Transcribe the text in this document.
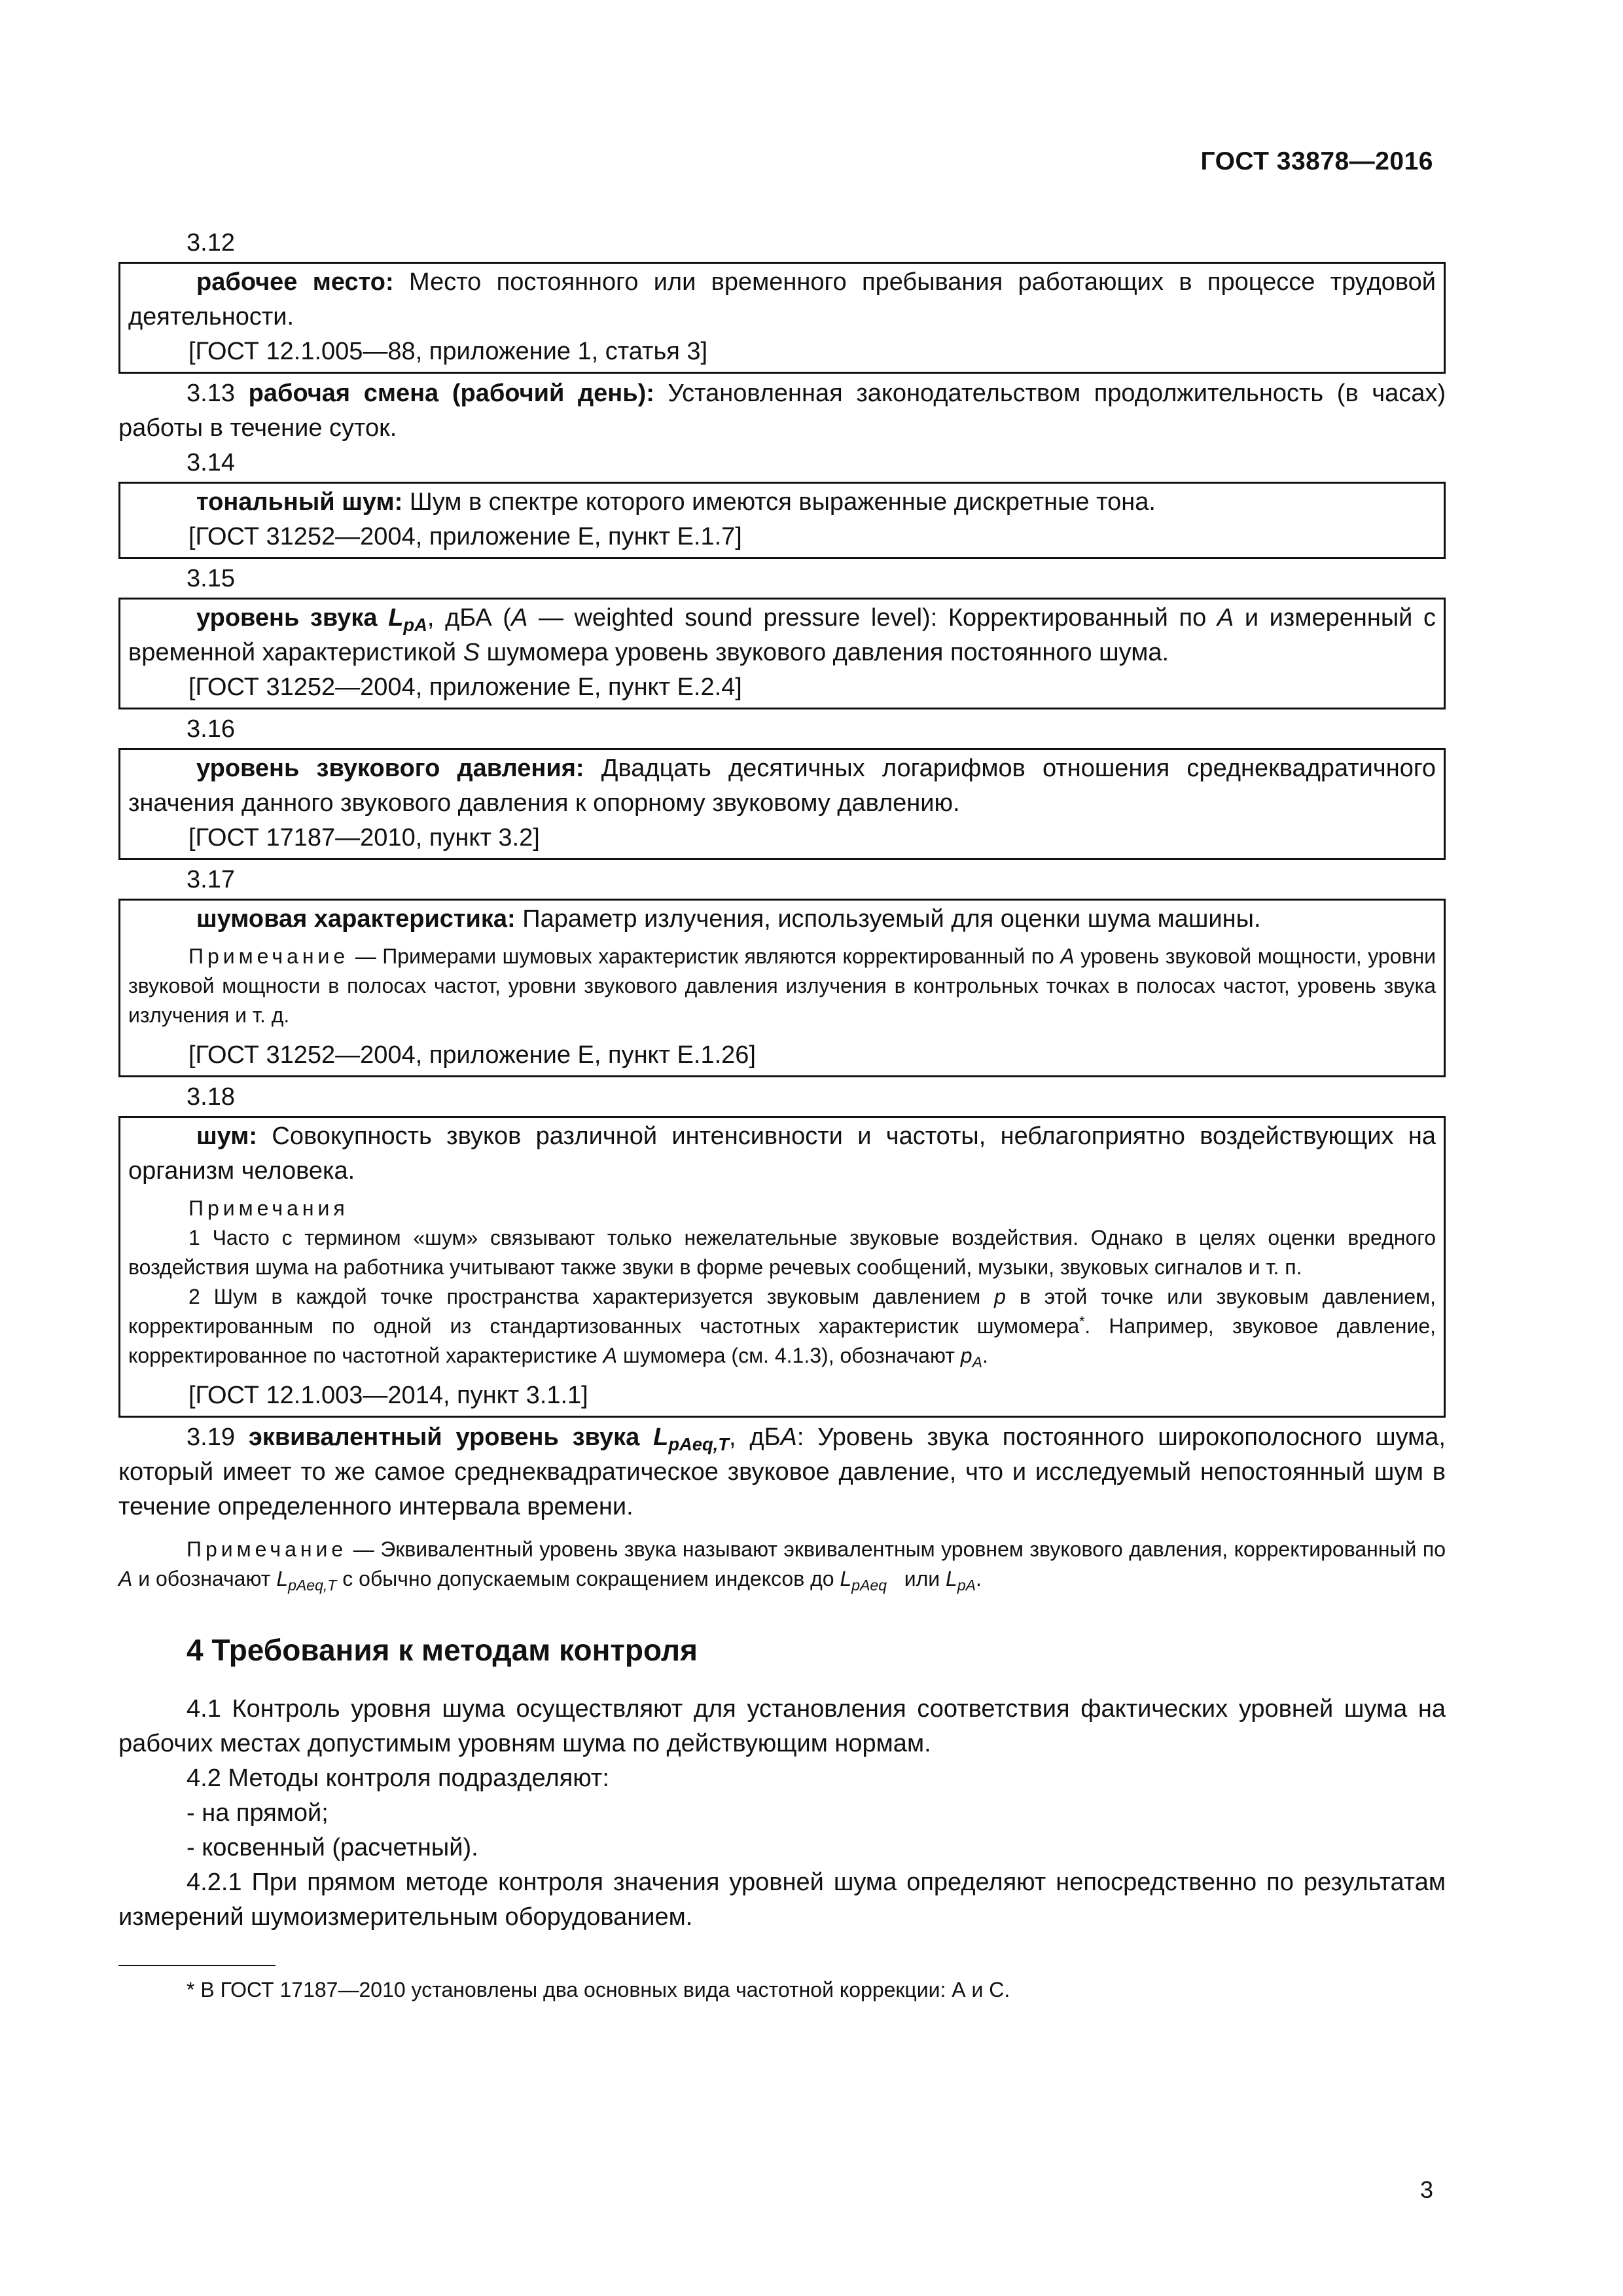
ГОСТ 33878—2016
3.12

рабочее место: Место постоянного или временного пребывания работающих в процессе трудовой деятельности.

[ГОСТ 12.1.005—88, приложение 1, статья 3]

3.13 рабочая смена (рабочий день): Установленная законодательством продолжительность (в часах) работы в течение суток.

3.14

тональный шум: Шум в спектре которого имеются выраженные дискретные тона.

[ГОСТ 31252—2004, приложение Е, пункт Е.1.7]

3.15

уровень звука $L_{pA}$, дБА (A — weighted sound pressure level): Корректированный по A и измеренный с временной характеристикой S шумомера уровень звукового давления постоянного шума.

[ГОСТ 31252—2004, приложение Е, пункт Е.2.4]

3.16

уровень звукового давления: Двадцать десятичных логарифмов отношения среднеквадратичного значения данного звукового давления к опорному звуковому давлению.

[ГОСТ 17187—2010, пункт 3.2]

3.17

шумовая характеристика: Параметр излучения, используемый для оценки шума машины.

Примечание — Примерами шумовых характеристик являются корректированный по A уровень звуковой мощности, уровни звуковой мощности в полосах частот, уровни звукового давления излучения в контрольных точках в полосах частот, уровень звука излучения и т. д.

[ГОСТ 31252—2004, приложение Е, пункт Е.1.26]

3.18

шум: Совокупность звуков различной интенсивности и частоты, неблагоприятно воздействующих на организм человека.

Примечания

1 Часто с термином «шум» связывают только нежелательные звуковые воздействия. Однако в целях оценки вредного воздействия шума на работника учитывают также звуки в форме речевых сообщений, музыки, звуковых сигналов и т. п.

2 Шум в каждой точке пространства характеризуется звуковым давлением p в этой точке или звуковым давлением, корректированным по одной из стандартизованных частотных характеристик шумомера*. Например, звуковое давление, корректированное по частотной характеристике A шумомера (см. 4.1.3), обозначают $p_A$.

[ГОСТ 12.1.003—2014, пункт 3.1.1]

3.19 эквивалентный уровень звука $L_{pAeq,T}$, дБА: Уровень звука постоянного широкополосного шума, который имеет то же самое среднеквадратическое звуковое давление, что и исследуемый непостоянный шум в течение определенного интервала времени.

Примечание — Эквивалентный уровень звука называют эквивалентным уровнем звукового давления, корректированный по A и обозначают $L_{pAeq,T}$ с обычно допускаемым сокращением индексов до $L_{pAeq}$   или $L_{pA}$.

4 Требования к методам контроля

4.1 Контроль уровня шума осуществляют для установления соответствия фактических уровней шума на рабочих местах допустимым уровням шума по действующим нормам.

4.2 Методы контроля подразделяют:

- на прямой;

- косвенный (расчетный).

4.2.1 При прямом методе контроля значения уровней шума определяют непосредственно по результатам измерений шумоизмерительным оборудованием.

* В ГОСТ 17187—2010 установлены два основных вида частотной коррекции: А и С.
3
